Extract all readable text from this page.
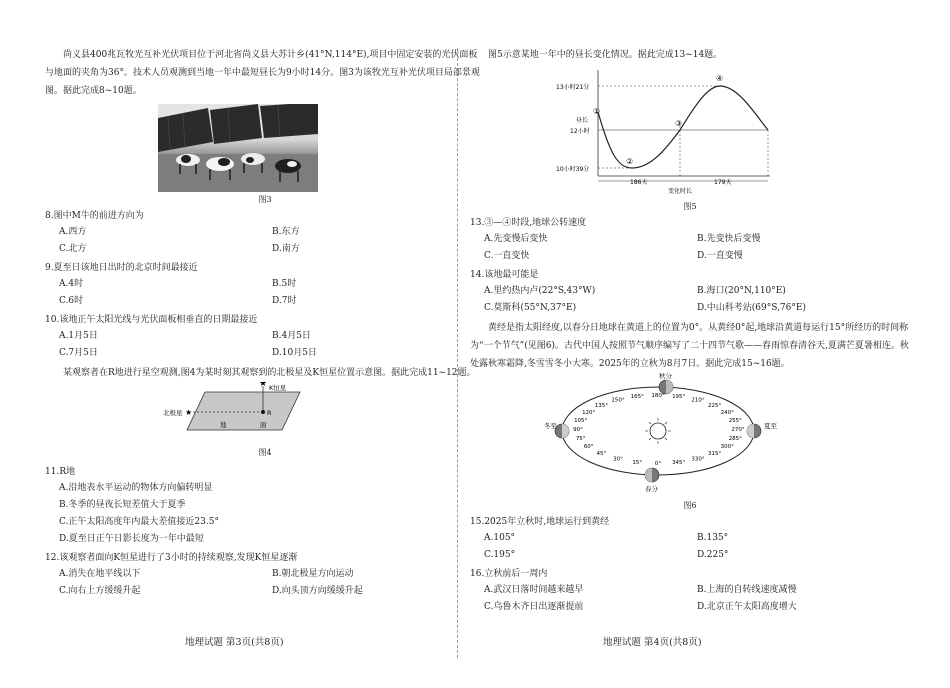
尚义县400兆瓦牧光互补光伏项目位于河北省尚义县大苏计乡(41°N,114°E),项目中固定安装的光伏面板与地面的夹角为36°。技术人员观测到当地一年中最短昼长为9小时14分。图3为该牧光互补光伏项目局部景观图。据此完成8~10题。

图3
8.图中M牛的前进方向为
A.西方	B.东方
C.北方	D.南方
9.夏至日该地日出时的北京时间最接近
A.4时	B.5时
C.6时	D.7时
10.该地正午太阳光线与光伏面板相垂直的日期最接近
A.1月5日	B.4月5日
C.7月5日	D.10月5日

某观察者在R地进行星空观测,图4为某时刻其观察到的北极星及K恒星位置示意图。据此完成11~12题。

★ K恒星
北极星 ★	R
地	面
图4
11.R地
A.沿地表水平运动的物体方向偏转明显
B.冬季的昼夜长短差值大于夏季
C.正午太阳高度年内最大差值接近23.5°
D.夏至日正午日影长度为一年中最短
12.该观察者面向K恒星进行了3小时的持续观察,发现K恒星逐渐
A.消失在地平线以下	B.朝北极星方向运动
C.向右上方缓缓升起	D.向头顶方向缓缓升起
地理试题 第3页(共8页)

图5示意某地一年中的昼长变化情况。据此完成13~14题。

13小时21分
12小时
10小时39分
昼长
①
②
③
④
186天	179天
变化时长
图5
13.③—④时段,地球公转速度
A.先变慢后变快	B.先变快后变慢
C.一直变快	D.一直变慢
14.该地最可能是
A.里约热内卢(22°S,43°W)	B.海口(20°N,110°E)
C.莫斯科(55°N,37°E)	D.中山科考站(69°S,76°E)

黄经是指太阳经度,以春分日地球在黄道上的位置为0°。从黄经0°起,地球沿黄道每运行15°所经历的时间称为“一个节气”(见图6)。古代中国人按照节气顺序编写了二十四节气歌——春雨惊春清谷天,夏满芒夏暑相连。秋处露秋寒霜降,冬雪雪冬小大寒。2025年的立秋为8月7日。据此完成15~16题。

0°
15°
30°
45°
60°
75°
90°
105°
120°
135°
150°
165° 180° 195°
210°
225°
240°
255°
270°
285°
300°
315°
330°
345°
秋分
春分
冬至	夏至
图6
15.2025年立秋时,地球运行到黄经
A.105°	B.135°
C.195°	D.225°
16.立秋前后一周内
A.武汉日落时间越来越早	B.上海的自转线速度减慢
C.乌鲁木齐日出逐渐提前	D.北京正午太阳高度增大
地理试题 第4页(共8页)
